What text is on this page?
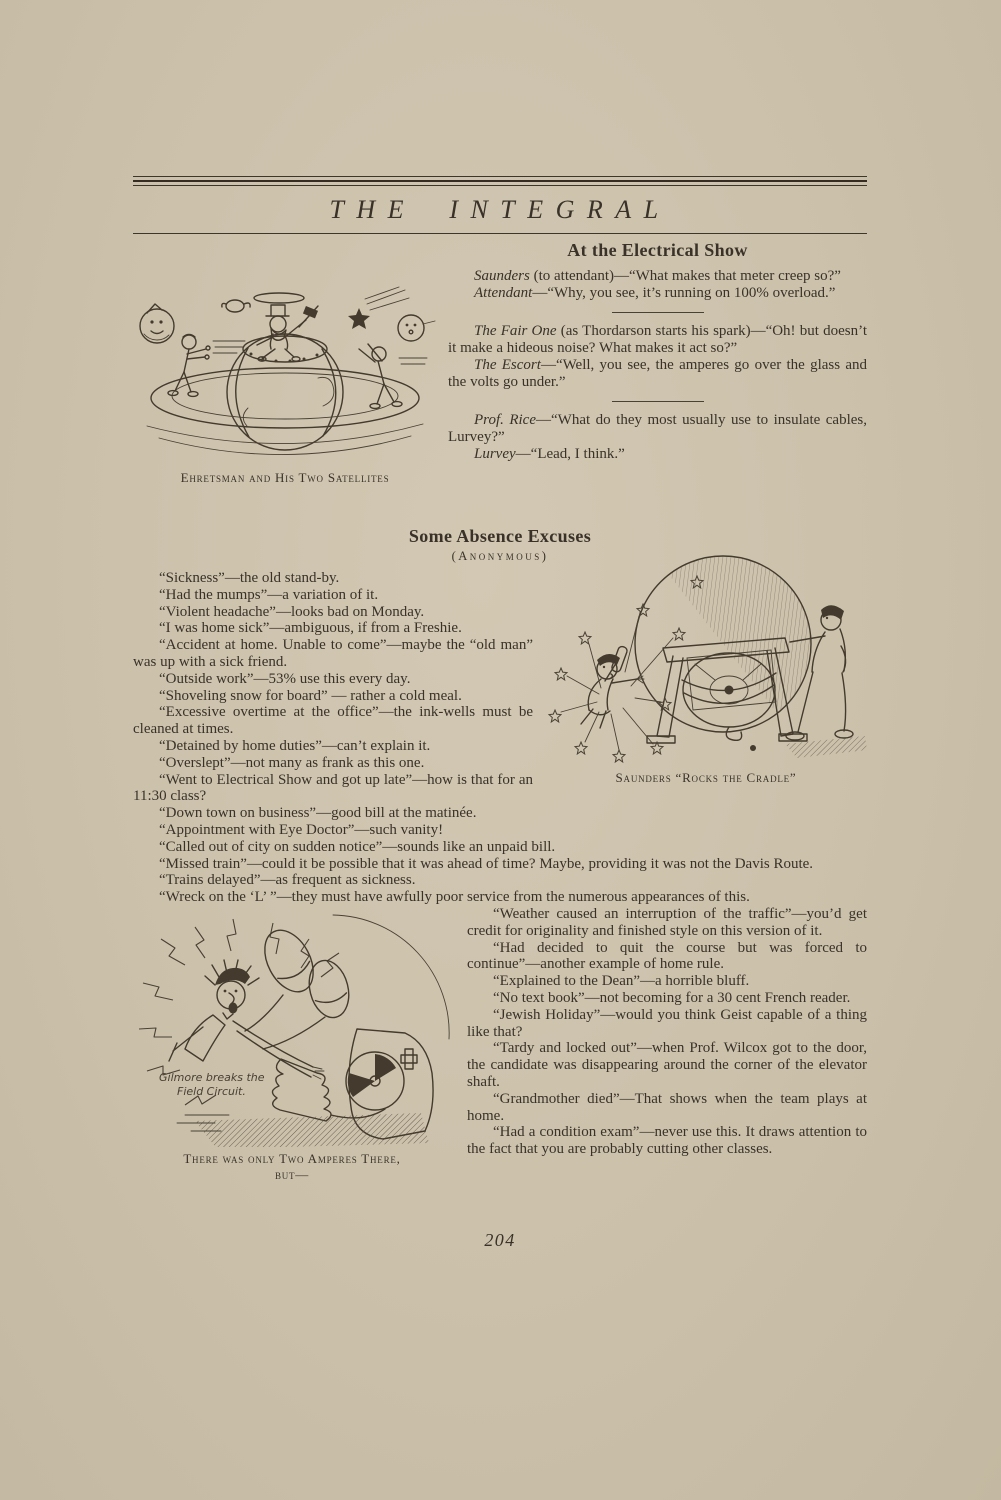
THE INTEGRAL
Ehretsman and His Two Satellites
At the Electrical Show

Saunders (to attendant)—“What makes that meter creep so?”

Attendant—“Why, you see, it’s running on 100% overload.”

The Fair One (as Thordarson starts his spark)—“Oh! but doesn’t it make a hideous noise? What makes it act so?”

The Escort—“Well, you see, the amperes go over the glass and the volts go under.”

Prof. Rice—“What do they most usually use to insulate cables, Lurvey?”

Lurvey—“Lead, I think.”

Some Absence Excuses
(Anonymous)
Saunders “Rocks the Cradle”

“Sickness”—the old stand-by.

“Had the mumps”—a variation of it.

“Violent headache”—looks bad on Monday.

“I was home sick”—ambiguous, if from a Freshie.

“Accident at home. Unable to come”—maybe the “old man” was up with a sick friend.

“Outside work”—53% use this every day.

“Shoveling snow for board” — rather a cold meal.

“Excessive overtime at the office”—the ink-wells must be cleaned at times.

“Detained by home duties”—can’t explain it.

“Overslept”—not many as frank as this one.

“Went to Electrical Show and got up late”—how is that for an 11:30 class?

“Down town on business”—good bill at the matinée.

“Appointment with Eye Doctor”—such vanity!

“Called out of city on sudden notice”—sounds like an unpaid bill.

“Missed train”—could it be possible that it was ahead of time? Maybe, providing it was not the Davis Route.

“Trains delayed”—as frequent as sickness.

“Wreck on the ‘L’ ”—they must have awfully poor service from the numerous appearances of this.

Gilmore breaks the
Field Circuit.
There was only Two Amperes There,
but—

“Weather caused an interruption of the traffic”—you’d get credit for originality and finished style on this version of it.

“Had decided to quit the course but was forced to continue”—another example of home rule.

“Explained to the Dean”—a horrible bluff.

“No text book”—not becoming for a 30 cent French reader.

“Jewish Holiday”—would you think Geist capable of a thing like that?

“Tardy and locked out”—when Prof. Wilcox got to the door, the candidate was disappearing around the corner of the elevator shaft.

“Grandmother died”—That shows when the team plays at home.

“Had a condition exam”—never use this. It draws attention to the fact that you are probably cutting other classes.

204
